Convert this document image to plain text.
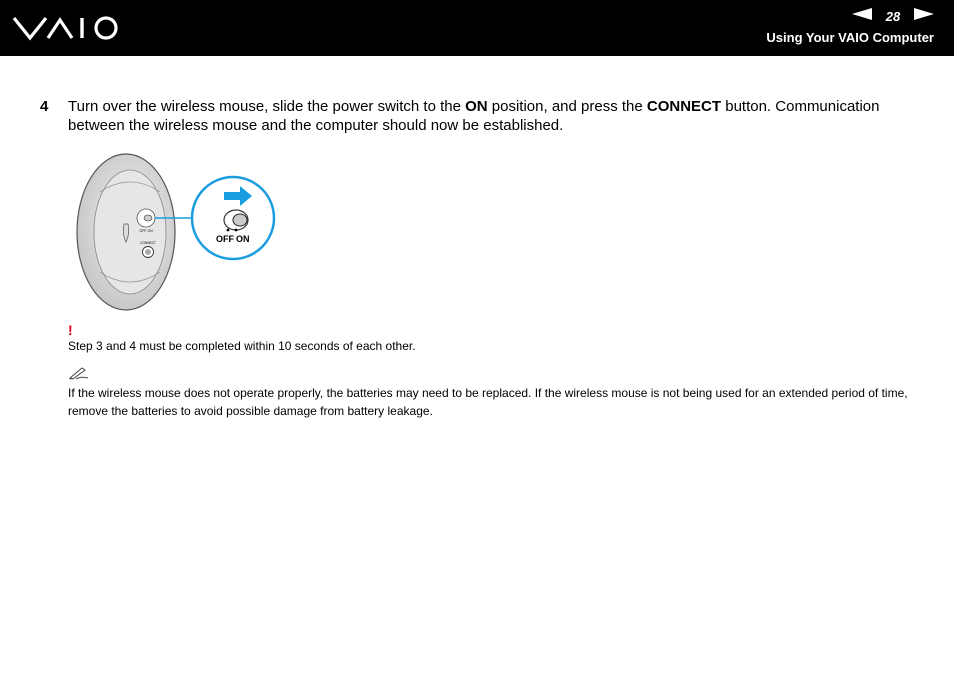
28
Using Your VAIO Computer
4 Turn over the wireless mouse, slide the power switch to the ON position, and press the CONNECT button. Communication between the wireless mouse and the computer should now be established.
OFF ON
CONNECT	OFF ON
!
Step 3 and 4 must be completed within 10 seconds of each other.
If the wireless mouse does not operate properly, the batteries may need to be replaced. If the wireless mouse is not being used for an extended period of time, remove the batteries to avoid possible damage from battery leakage.
